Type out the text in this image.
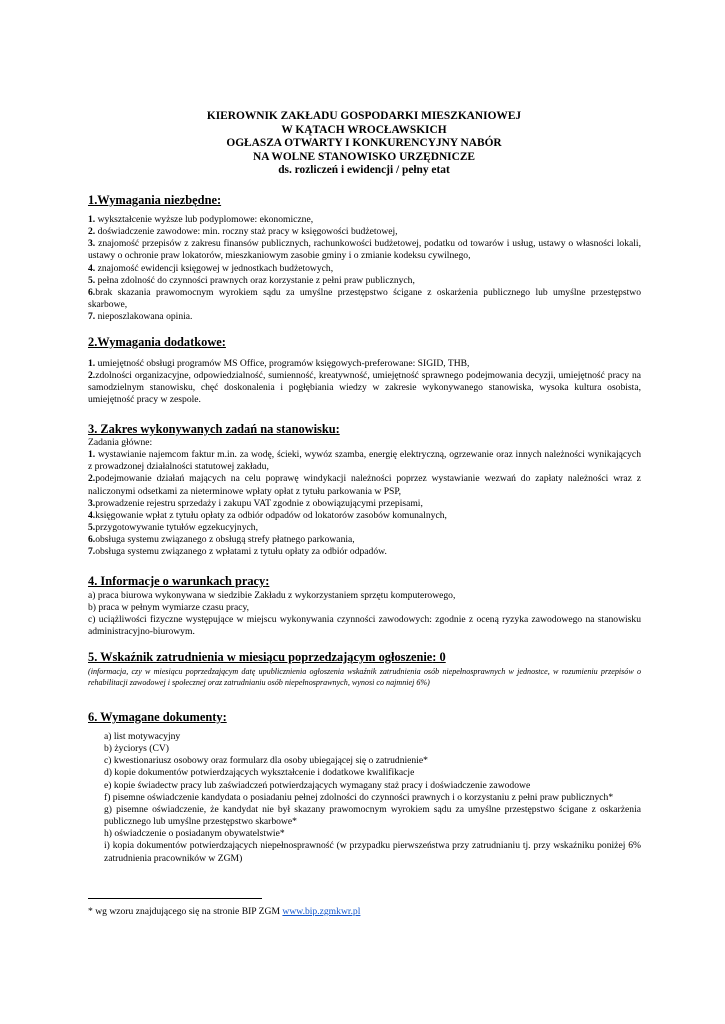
KIEROWNIK ZAKŁADU GOSPODARKI MIESZKANIOWEJ
W KĄTACH WROCŁAWSKICH
OGŁASZA OTWARTY I KONKURENCYJNY NABÓR
NA WOLNE STANOWISKO URZĘDNICZE
ds. rozliczeń i ewidencji / pełny etat
1.Wymagania niezbędne:

1. wykształcenie wyższe lub podyplomowe: ekonomiczne,

2. doświadczenie zawodowe: min. roczny staż pracy w księgowości budżetowej,

3. znajomość przepisów z zakresu finansów publicznych, rachunkowości budżetowej, podatku od towarów i usług, ustawy o własności lokali, ustawy o ochronie praw lokatorów, mieszkaniowym zasobie gminy i o zmianie kodeksu cywilnego,

4. znajomość ewidencji księgowej w jednostkach budżetowych,

5. pełna zdolność do czynności prawnych oraz korzystanie z pełni praw publicznych,

6.brak skazania prawomocnym wyrokiem sądu za umyślne przestępstwo ścigane z oskarżenia publicznego lub umyślne przestępstwo skarbowe,

7. nieposzlakowana opinia.

2.Wymagania dodatkowe:

1. umiejętność obsługi programów MS Office, programów księgowych-preferowane: SIGID, THB,

2.zdolności organizacyjne, odpowiedzialność, sumienność, kreatywność, umiejętność sprawnego podejmowania decyzji, umiejętność pracy na samodzielnym stanowisku, chęć doskonalenia i pogłębiania wiedzy w zakresie wykonywanego stanowiska, wysoka kultura osobista, umiejętność pracy w zespole.

3. Zakres wykonywanych zadań na stanowisku:

Zadania główne:

1. wystawianie najemcom faktur m.in. za wodę, ścieki, wywóz szamba, energię elektryczną, ogrzewanie oraz innych należności wynikających z prowadzonej działalności statutowej zakładu,

2.podejmowanie działań mających na celu poprawę windykacji należności poprzez wystawianie wezwań do zapłaty należności wraz z naliczonymi odsetkami za nieterminowe wpłaty opłat z tytułu parkowania w PSP,

3.prowadzenie rejestru sprzedaży i zakupu VAT zgodnie z obowiązującymi przepisami,

4.księgowanie wpłat z tytułu opłaty za odbiór odpadów od lokatorów zasobów komunalnych,

5.przygotowywanie tytułów egzekucyjnych,

6.obsługa systemu związanego z obsługą strefy płatnego parkowania,

7.obsługa systemu związanego z wpłatami z tytułu opłaty za odbiór odpadów.

4. Informacje o warunkach pracy:

a) praca biurowa wykonywana w siedzibie Zakładu z wykorzystaniem sprzętu komputerowego,

b) praca w pełnym wymiarze czasu pracy,

c) uciążliwości fizyczne występujące w miejscu wykonywania czynności zawodowych: zgodnie z oceną ryzyka zawodowego na stanowisku administracyjno-biurowym.

5. Wskaźnik zatrudnienia w miesiącu poprzedzającym ogłoszenie: 0
(informacja, czy w miesiącu poprzedzającym datę upublicznienia ogłoszenia wskaźnik zatrudnienia osób niepełnosprawnych w jednostce, w rozumieniu przepisów o rehabilitacji zawodowej i społecznej oraz zatrudnianiu osób niepełnosprawnych, wynosi co najmniej 6%)
6. Wymagane dokumenty:

a) list motywacyjny

b) życiorys (CV)

c) kwestionariusz osobowy oraz formularz dla osoby ubiegającej się o zatrudnienie*

d) kopie dokumentów potwierdzających wykształcenie i dodatkowe kwalifikacje

e) kopie świadectw pracy lub zaświadczeń potwierdzających wymagany staż pracy i doświadczenie zawodowe

f) pisemne oświadczenie kandydata o posiadaniu pełnej zdolności do czynności prawnych i o korzystaniu z pełni praw publicznych*

g) pisemne oświadczenie, że kandydat nie był skazany prawomocnym wyrokiem sądu za umyślne przestępstwo ścigane z oskarżenia publicznego lub umyślne przestępstwo skarbowe*

h) oświadczenie o posiadanym obywatelstwie*

i) kopia dokumentów potwierdzających niepełnosprawność (w przypadku pierwszeństwa przy zatrudnianiu tj. przy wskaźniku poniżej 6% zatrudnienia pracowników w ZGM)

* wg wzoru znajdującego się na stronie BIP ZGM www.bip.zgmkwr.pl
